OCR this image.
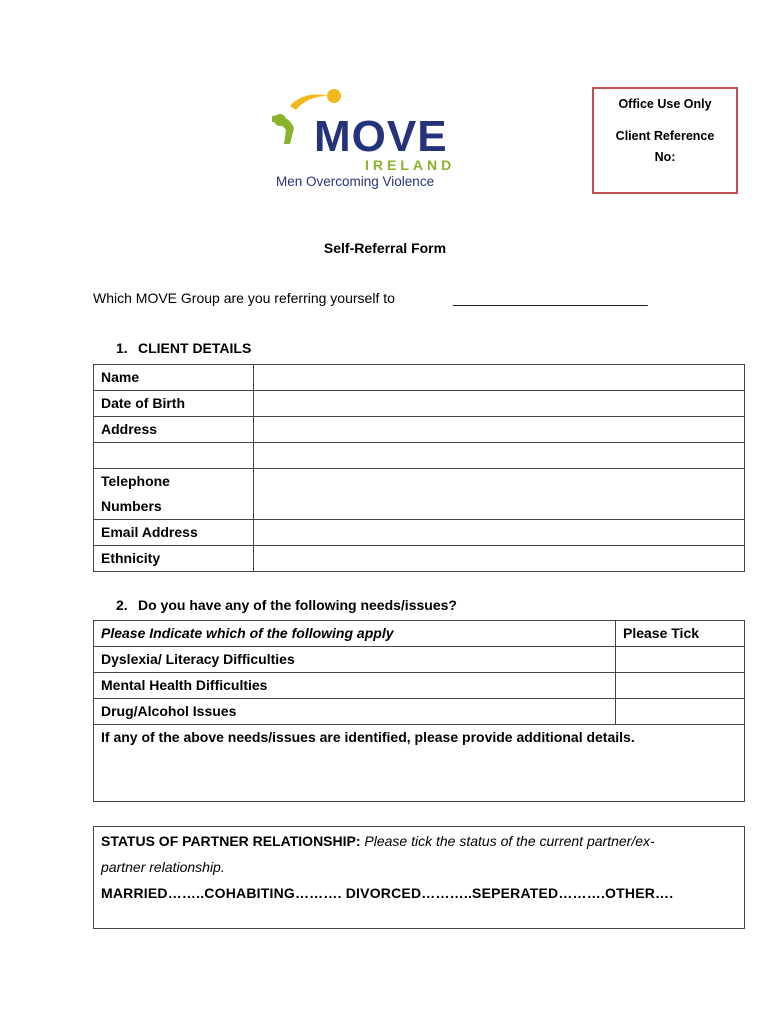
MOVE
IRELAND
Men Overcoming Violence
Office Use Only
Client Reference
No:
Self-Referral Form
Which MOVE Group are you referring yourself to	_________________________
1. CLIENT DETAILS
Name	
Date of Birth	
Address	

Telephone
Numbers	
Email Address	
Ethnicity	
2. Do you have any of the following needs/issues?
Please Indicate which of the following apply	Please Tick
Dyslexia/ Literacy Difficulties	
Mental Health Difficulties	
Drug/Alcohol Issues	
If any of the above needs/issues are identified, please provide additional details.	
STATUS OF PARTNER RELATIONSHIP: Please tick the status of the current partner/ex-
partner relationship.
MARRIED……..COHABITING………. DIVORCED………..SEPERATED……….OTHER….
